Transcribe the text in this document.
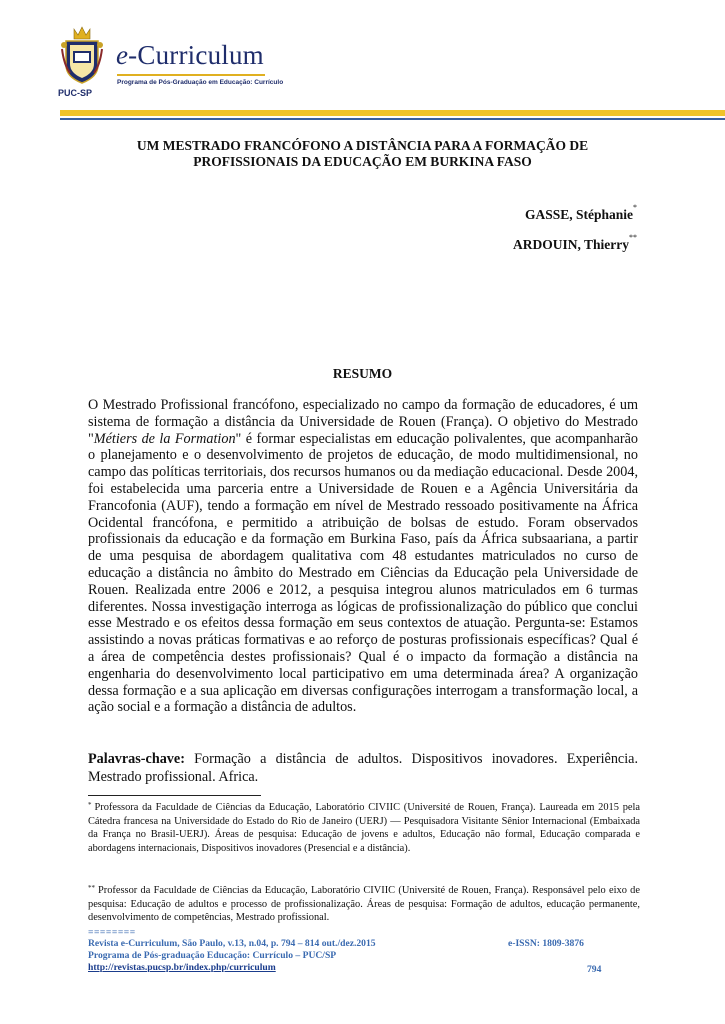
PUC-SP
e-Curriculum
Programa de Pós-Graduação em Educação: Currículo
UM MESTRADO FRANCÓFONO A DISTÂNCIA PARA A FORMAÇÃO DE
PROFISSIONAIS DA EDUCAÇÃO EM BURKINA FASO
GASSE, Stéphanie*
ARDOUIN, Thierry**
RESUMO

O Mestrado Profissional francófono, especializado no campo da formação de educadores, é um sistema de formação a distância da Universidade de Rouen (França). O objetivo do Mestrado "Métiers de la Formation" é formar especialistas em educação polivalentes, que acompanharão o planejamento e o desenvolvimento de projetos de educação, de modo multidimensional, no campo das políticas territoriais, dos recursos humanos ou da mediação educacional. Desde 2004, foi estabelecida uma parceria entre a Universidade de Rouen e a Agência Universitária da Francofonia (AUF), tendo a formação em nível de Mestrado ressoado positivamente na África Ocidental francófona, e permitido a atribuição de bolsas de estudo. Foram observados profissionais da educação e da formação em Burkina Faso, país da África subsaariana, a partir de uma pesquisa de abordagem qualitativa com 48 estudantes matriculados no curso de educação a distância no âmbito do Mestrado em Ciências da Educação pela Universidade de Rouen. Realizada entre 2006 e 2012, a pesquisa integrou alunos matriculados em 6 turmas diferentes. Nossa investigação interroga as lógicas de profissionalização do público que conclui esse Mestrado e os efeitos dessa formação em seus contextos de atuação. Pergunta-se: Estamos assistindo a novas práticas formativas e ao reforço de posturas profissionais específicas? Qual é a área de competência destes profissionais? Qual é o impacto da formação a distância na engenharia do desenvolvimento local participativo em uma determinada área? A organização dessa formação e a sua aplicação em diversas configurações interrogam a transformação local, a ação social e a formação a distância de adultos.

Palavras-chave: Formação a distância de adultos. Dispositivos inovadores. Experiência. Mestrado profissional. Africa.

* Professora da Faculdade de Ciências da Educação, Laboratório CIVIIC (Université de Rouen, França). Laureada em 2015 pela Cátedra francesa na Universidade do Estado do Rio de Janeiro (UERJ) — Pesquisadora Visitante Sênior Internacional (Embaixada da França no Brasil-UERJ). Áreas de pesquisa: Educação de jovens e adultos, Educação não formal, Educação comparada e abordagens internacionais, Dispositivos inovadores (Presencial e a distância).

** Professor da Faculdade de Ciências da Educação, Laboratório CIVIIC (Université de Rouen, França). Responsável pelo eixo de pesquisa: Educação de adultos e processo de profissionalização. Áreas de pesquisa: Formação de adultos, educação permanente, desenvolvimento de competências, Mestrado profissional.

========
Revista e-Curriculum, São Paulo, v.13, n.04, p. 794 – 814 out./dez.2015	e-ISSN: 1809-3876
Programa de Pós-graduação Educação: Currículo – PUC/SP
http://revistas.pucsp.br/index.php/curriculum	794
